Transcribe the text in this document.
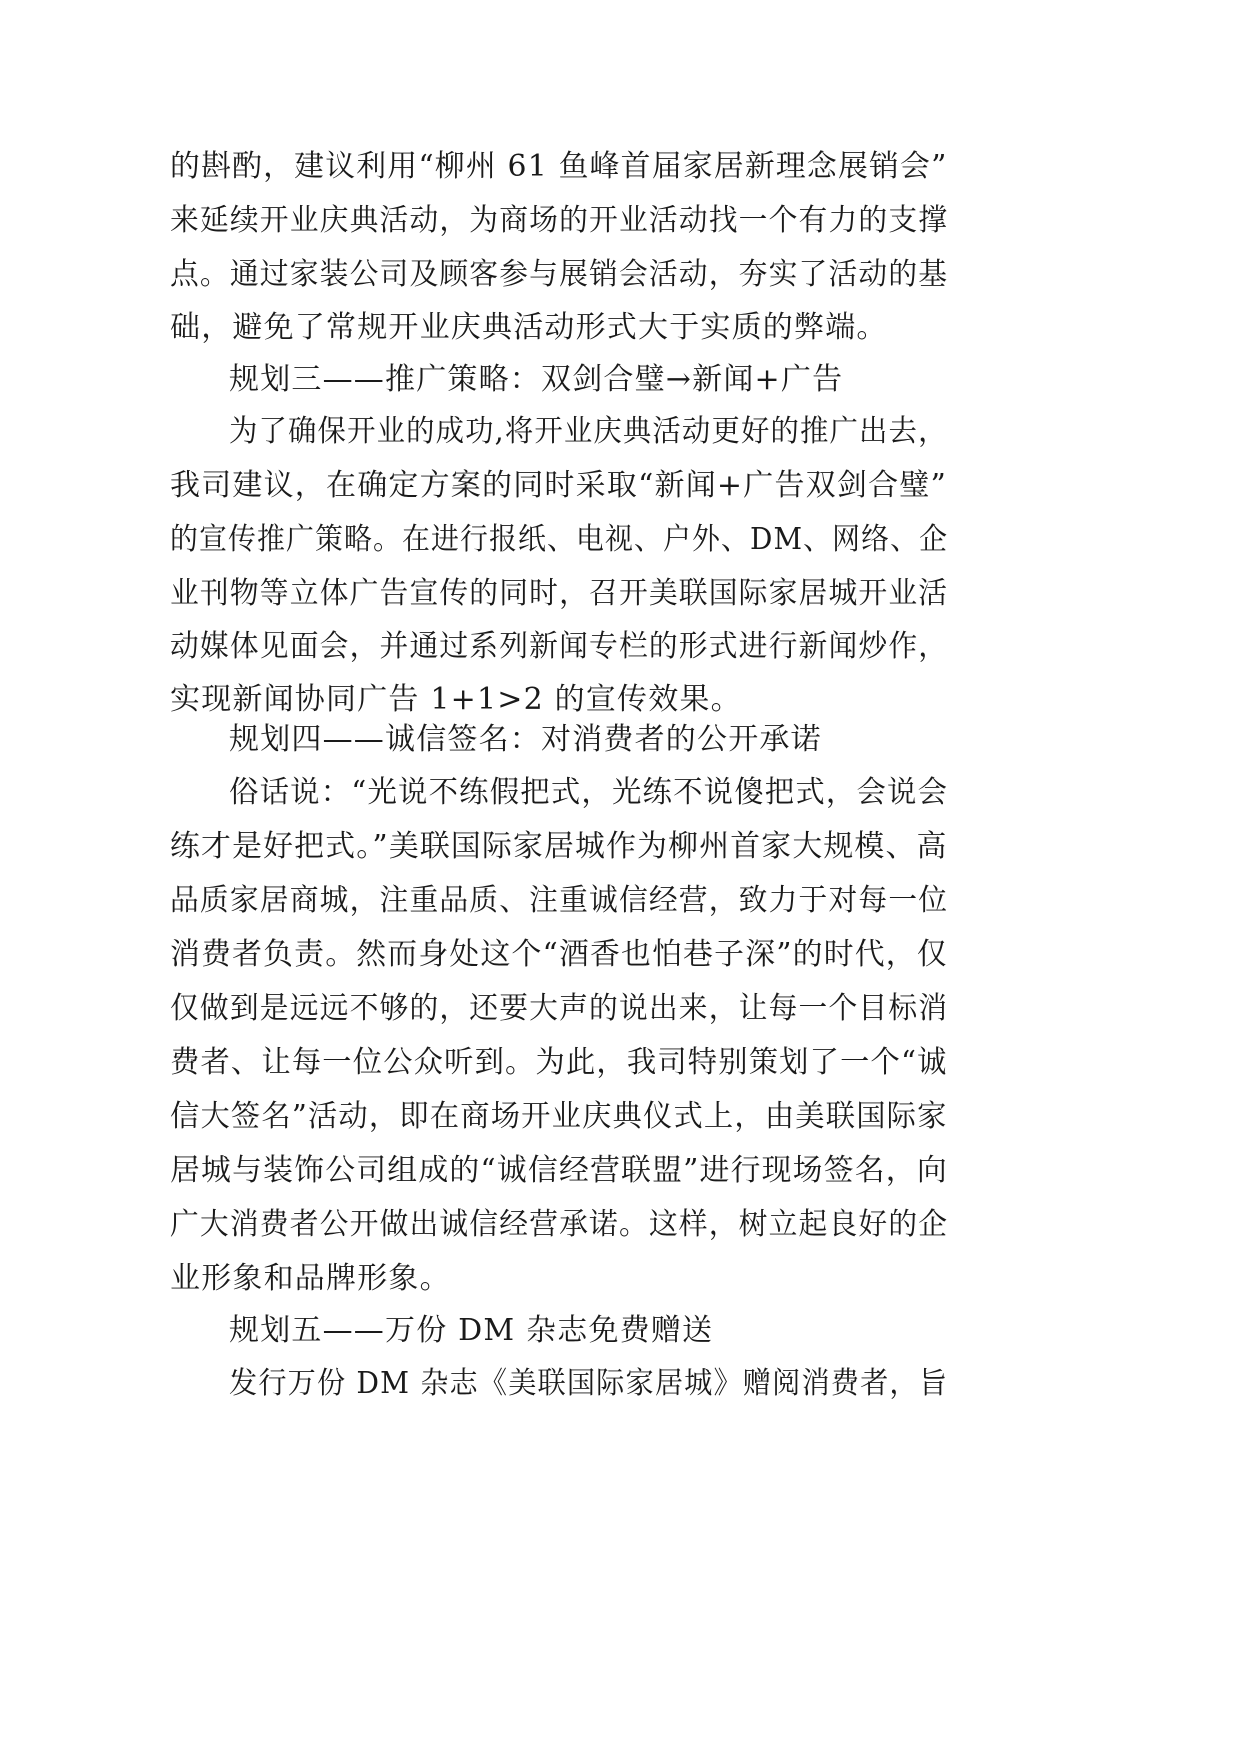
的斟酌，建议利用“柳州 61 鱼峰首届家居新理念展销会”
来延续开业庆典活动，为商场的开业活动找一个有力的支撑
点。通过家装公司及顾客参与展销会活动，夯实了活动的基
础，避免了常规开业庆典活动形式大于实质的弊端。
规划三——推广策略：双剑合璧→新闻+广告
为了确保开业的成功,将开业庆典活动更好的推广出去，
我司建议，在确定方案的同时采取“新闻+广告双剑合璧”
的宣传推广策略。在进行报纸、电视、户外、DM、网络、企
业刊物等立体广告宣传的同时，召开美联国际家居城开业活
动媒体见面会，并通过系列新闻专栏的形式进行新闻炒作，
实现新闻协同广告 1+1>2 的宣传效果。
规划四——诚信签名：对消费者的公开承诺
俗话说：“光说不练假把式，光练不说傻把式，会说会
练才是好把式。”美联国际家居城作为柳州首家大规模、高
品质家居商城，注重品质、注重诚信经营，致力于对每一位
消费者负责。然而身处这个“酒香也怕巷子深”的时代，仅
仅做到是远远不够的，还要大声的说出来，让每一个目标消
费者、让每一位公众听到。为此，我司特别策划了一个“诚
信大签名”活动，即在商场开业庆典仪式上，由美联国际家
居城与装饰公司组成的“诚信经营联盟”进行现场签名，向
广大消费者公开做出诚信经营承诺。这样，树立起良好的企
业形象和品牌形象。
规划五——万份 DM 杂志免费赠送
发行万份 DM 杂志《美联国际家居城》赠阅消费者，旨
